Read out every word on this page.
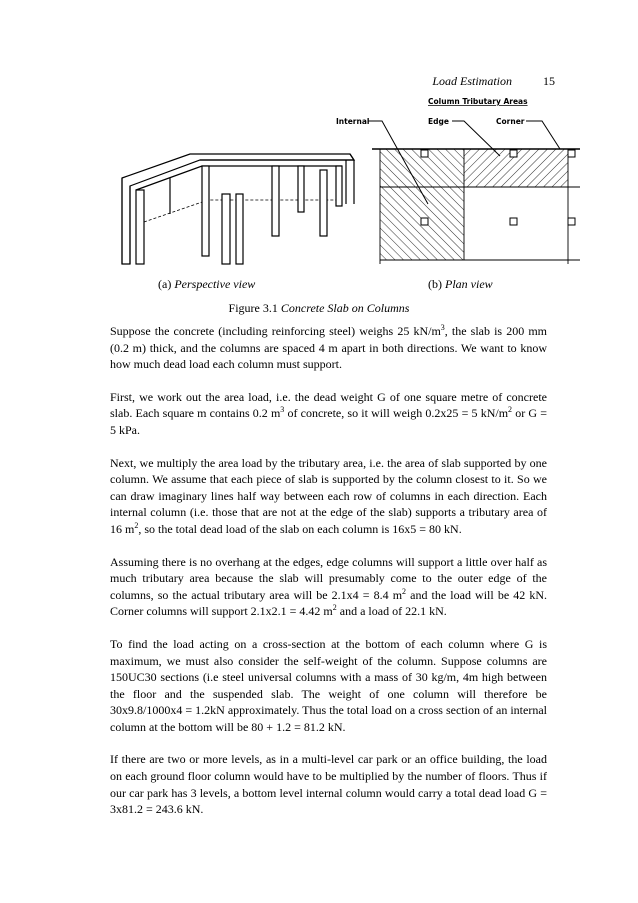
Load Estimation	15
Column Tributary Areas
Internal	Edge	Corner
(a) Perspective view	(b) Plan view
Figure 3.1 Concrete Slab on Columns

Suppose the concrete (including reinforcing steel) weighs 25 $kN/m^3$, the slab is 200 mm (0.2 m) thick, and the columns are spaced 4 m apart in both directions. We want to know how much dead load each column must support.

First, we work out the area load, i.e. the dead weight G of one square metre of concrete slab. Each square m contains 0.2 $m^3$ of concrete, so it will weigh 0.2x25 = 5 $kN/m^2$ or G = 5 kPa.

Next, we multiply the area load by the tributary area, i.e. the area of slab supported by one column. We assume that each piece of slab is supported by the column closest to it. So we can draw imaginary lines half way between each row of columns in each direction. Each internal column (i.e. those that are not at the edge of the slab) supports a tributary area of 16 $m^2$, so the total dead load of the slab on each column is 16x5 = 80 kN.

Assuming there is no overhang at the edges, edge columns will support a little over half as much tributary area because the slab will presumably come to the outer edge of the columns, so the actual tributary area will be 2.1x4 = 8.4 $m^2$ and the load will be 42 kN. Corner columns will support 2.1x2.1 = 4.42 $m^2$ and a load of 22.1 kN.

To find the load acting on a cross-section at the bottom of each column where G is maximum, we must also consider the self-weight of the column. Suppose columns are 150UC30 sections (i.e steel universal columns with a mass of 30 kg/m, 4m high between the floor and the suspended slab. The weight of one column will therefore be 30x9.8/1000x4 = 1.2kN approximately. Thus the total load on a cross section of an internal column at the bottom will be 80 + 1.2 = 81.2 kN.

If there are two or more levels, as in a multi-level car park or an office building, the load on each ground floor column would have to be multiplied by the number of floors. Thus if our car park has 3 levels, a bottom level internal column would carry a total dead load G = 3x81.2 = 243.6 kN.
